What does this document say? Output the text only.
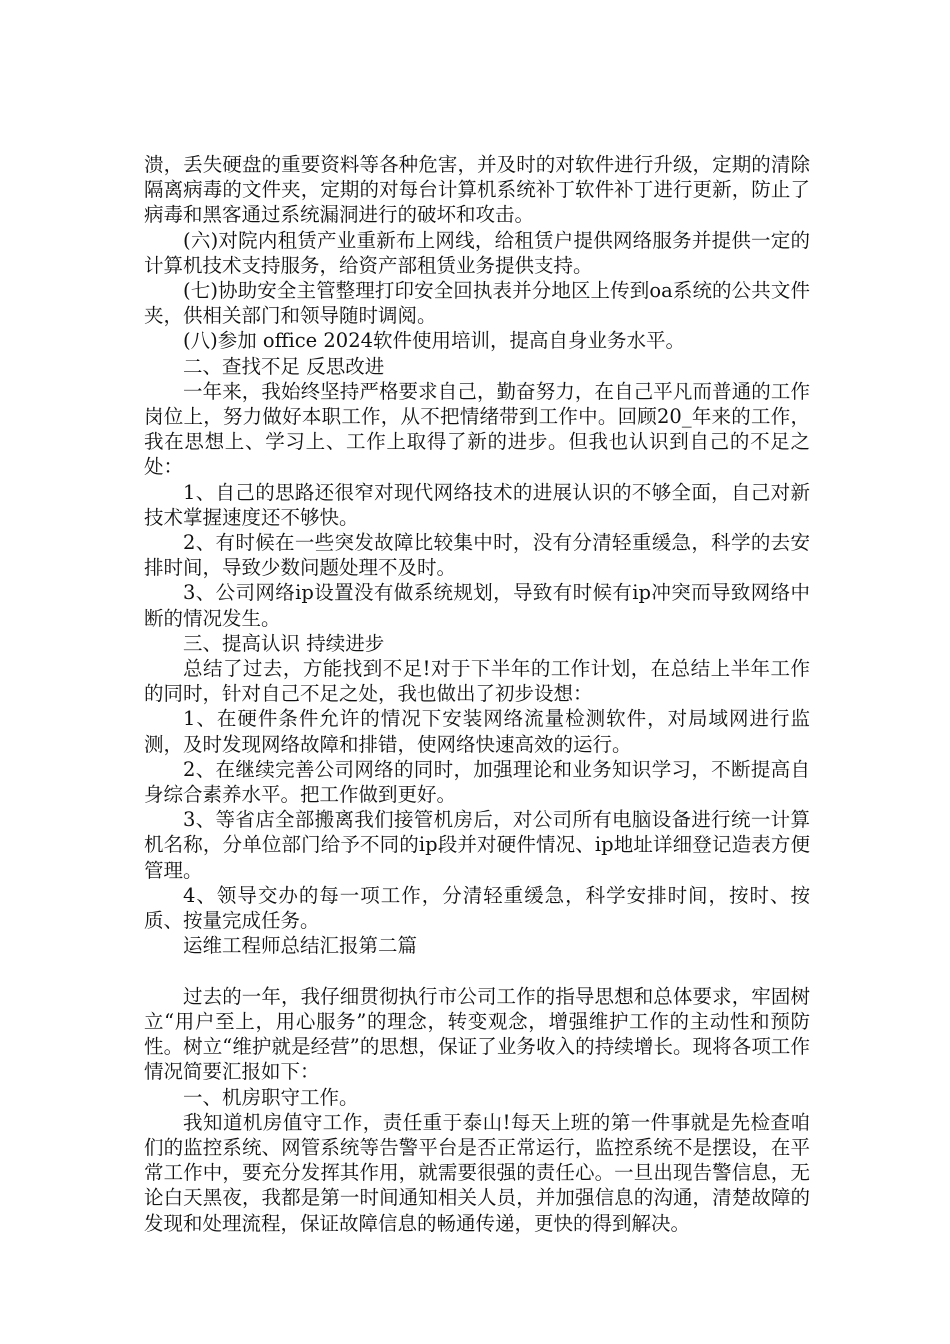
溃，丢失硬盘的重要资料等各种危害，并及时的对软件进行升级，定期的清除隔离病毒的文件夹，定期的对每台计算机系统补丁软件补丁进行更新，防止了病毒和黑客通过系统漏洞进行的破坏和攻击。

(六)对院内租赁产业重新布上网线，给租赁户提供网络服务并提供一定的计算机技术支持服务，给资产部租赁业务提供支持。

(七)协助安全主管整理打印安全回执表并分地区上传到oa系统的公共文件夹，供相关部门和领导随时调阅。

(八)参加 office 2024软件使用培训，提高自身业务水平。

二、查找不足 反思改进

一年来，我始终坚持严格要求自己，勤奋努力，在自己平凡而普通的工作岗位上，努力做好本职工作，从不把情绪带到工作中。回顾20_年来的工作，我在思想上、学习上、工作上取得了新的进步。但我也认识到自己的不足之处：

1、自己的思路还很窄对现代网络技术的进展认识的不够全面，自己对新技术掌握速度还不够快。

2、有时候在一些突发故障比较集中时，没有分清轻重缓急，科学的去安排时间，导致少数问题处理不及时。

3、公司网络ip设置没有做系统规划，导致有时候有ip冲突而导致网络中断的情况发生。

三、提高认识 持续进步

总结了过去，方能找到不足!对于下半年的工作计划，在总结上半年工作的同时，针对自己不足之处，我也做出了初步设想：

1、在硬件条件允许的情况下安装网络流量检测软件，对局域网进行监测，及时发现网络故障和排错，使网络快速高效的运行。

2、在继续完善公司网络的同时，加强理论和业务知识学习，不断提高自身综合素养水平。把工作做到更好。

3、等省店全部搬离我们接管机房后，对公司所有电脑设备进行统一计算机名称，分单位部门给予不同的ip段并对硬件情况、ip地址详细登记造表方便管理。

4、领导交办的每一项工作，分清轻重缓急，科学安排时间，按时、按质、按量完成任务。

运维工程师总结汇报第二篇

过去的一年，我仔细贯彻执行市公司工作的指导思想和总体要求，牢固树立“用户至上，用心服务”的理念，转变观念，增强维护工作的主动性和预防性。树立“维护就是经营”的思想，保证了业务收入的持续增长。现将各项工作情况简要汇报如下：

一、机房职守工作。

我知道机房值守工作，责任重于泰山!每天上班的第一件事就是先检查咱们的监控系统、网管系统等告警平台是否正常运行，监控系统不是摆设，在平常工作中，要充分发挥其作用，就需要很强的责任心。一旦出现告警信息，无论白天黑夜，我都是第一时间通知相关人员，并加强信息的沟通，清楚故障的发现和处理流程，保证故障信息的畅通传递，更快的得到解决。
